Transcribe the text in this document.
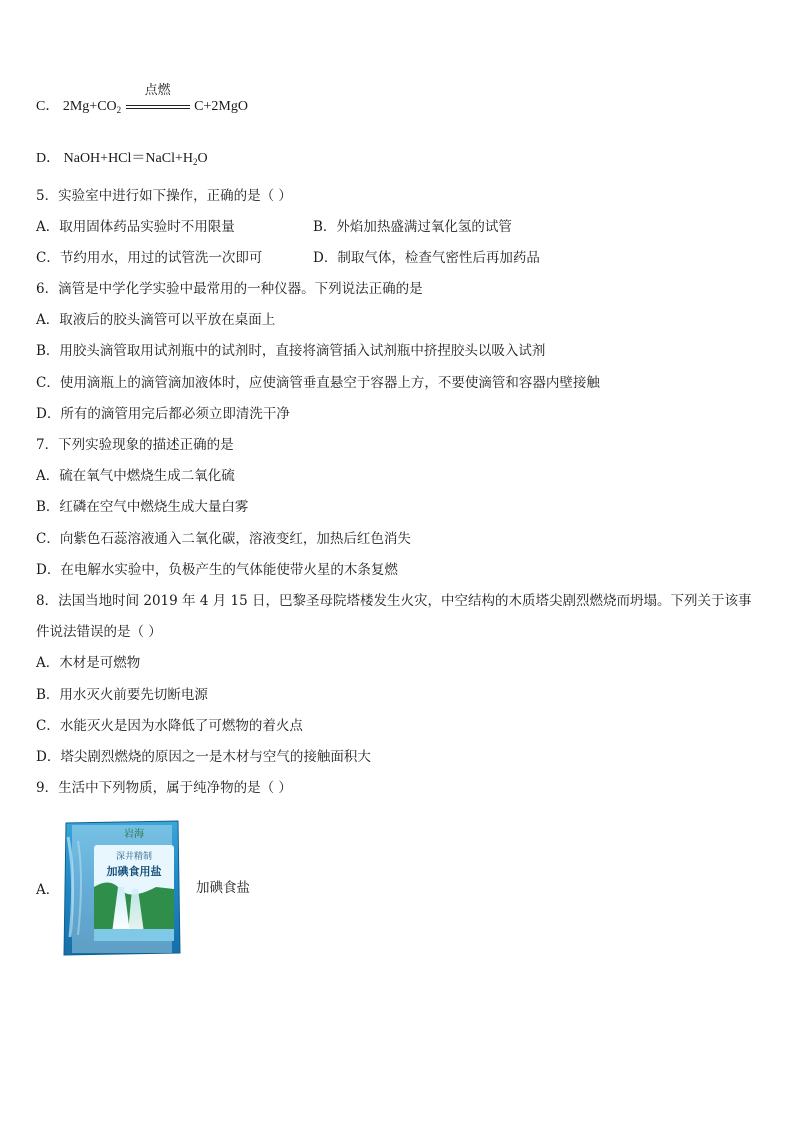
C． $2Mg+CO_2$
点燃
C+2MgO
D． $NaOH+HCl=NaCl+H_2O$
5．实验室中进行如下操作，正确的是（ ）
A．取用固体药品实验时不用限量	B．外焰加热盛满过氧化氢的试管
C．节约用水，用过的试管洗一次即可	D．制取气体，检查气密性后再加药品
6．滴管是中学化学实验中最常用的一种仪器。下列说法正确的是
A．取液后的胶头滴管可以平放在桌面上
B．用胶头滴管取用试剂瓶中的试剂时，直接将滴管插入试剂瓶中挤捏胶头以吸入试剂
C．使用滴瓶上的滴管滴加液体时，应使滴管垂直悬空于容器上方，不要使滴管和容器内壁接触
D．所有的滴管用完后都必须立即清洗干净
7．下列实验现象的描述正确的是
A．硫在氧气中燃烧生成二氧化硫
B．红磷在空气中燃烧生成大量白雾
C．向紫色石蕊溶液通入二氧化碳，溶液变红，加热后红色消失
D．在电解水实验中，负极产生的气体能使带火星的木条复燃
8．法国当地时间 2019 年 4 月 15 日，巴黎圣母院塔楼发生火灾，中空结构的木质塔尖剧烈燃烧而坍塌。下列关于该事
件说法错误的是（ ）
A．木材是可燃物
B．用水灭火前要先切断电源
C．水能灭火是因为水降低了可燃物的着火点
D．塔尖剧烈燃烧的原因之一是木材与空气的接触面积大
9．生活中下列物质，属于纯净物的是（ ）
A．
岩海
深井精制
加碘食用盐
加碘食盐
